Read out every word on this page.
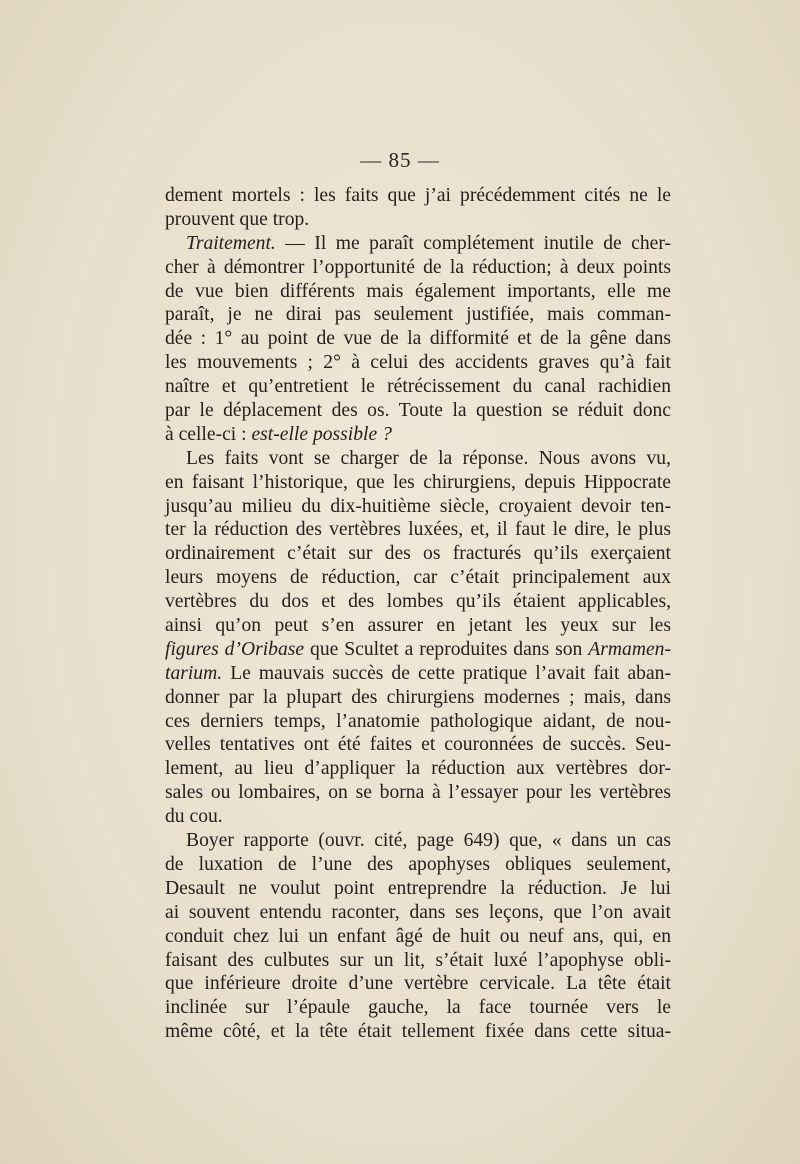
— 85 —
dement mortels : les faits que j’ai précédemment cités ne le
prouvent que trop.
Traitement. — Il me paraît complétement inutile de cher-
cher à démontrer l’opportunité de la réduction; à deux points
de vue bien différents mais également importants, elle me
paraît, je ne dirai pas seulement justifiée, mais comman-
dée : 1° au point de vue de la difformité et de la gêne dans
les mouvements ; 2° à celui des accidents graves qu’à fait
naître et qu’entretient le rétrécissement du canal rachidien
par le déplacement des os. Toute la question se réduit donc
à celle-ci : est-elle possible ?
Les faits vont se charger de la réponse. Nous avons vu,
en faisant l’historique, que les chirurgiens, depuis Hippocrate
jusqu’au milieu du dix-huitième siècle, croyaient devoir ten-
ter la réduction des vertèbres luxées, et, il faut le dire, le plus
ordinairement c’était sur des os fracturés qu’ils exerçaient
leurs moyens de réduction, car c’était principalement aux
vertèbres du dos et des lombes qu’ils étaient applicables,
ainsi qu’on peut s’en assurer en jetant les yeux sur les
figures d’Oribase que Scultet a reproduites dans son Armamen-
tarium. Le mauvais succès de cette pratique l’avait fait aban-
donner par la plupart des chirurgiens modernes ; mais, dans
ces derniers temps, l’anatomie pathologique aidant, de nou-
velles tentatives ont été faites et couronnées de succès. Seu-
lement, au lieu d’appliquer la réduction aux vertèbres dor-
sales ou lombaires, on se borna à l’essayer pour les vertèbres
du cou.
Boyer rapporte (ouvr. cité, page 649) que, « dans un cas
de luxation de l’une des apophyses obliques seulement,
Desault ne voulut point entreprendre la réduction. Je lui
ai souvent entendu raconter, dans ses leçons, que l’on avait
conduit chez lui un enfant âgé de huit ou neuf ans, qui, en
faisant des culbutes sur un lit, s’était luxé l’apophyse obli-
que inférieure droite d’une vertèbre cervicale. La tête était
inclinée sur l’épaule gauche, la face tournée vers le
même côté, et la tête était tellement fixée dans cette situa-
